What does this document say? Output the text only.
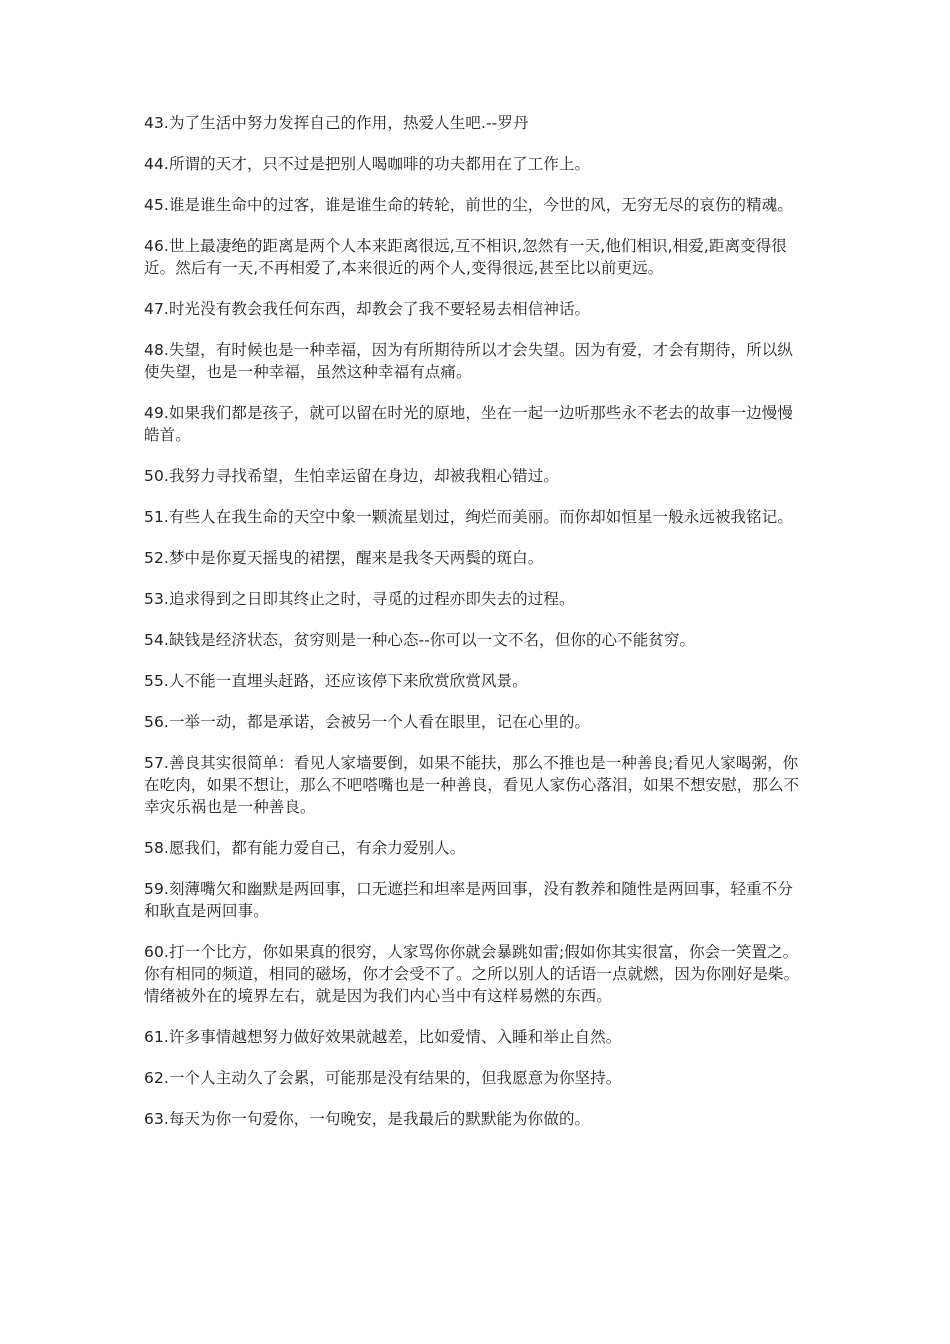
43.为了生活中努力发挥自己的作用，热爱人生吧.--罗丹

44.所谓的天才，只不过是把别人喝咖啡的功夫都用在了工作上。

45.谁是谁生命中的过客，谁是谁生命的转轮，前世的尘，今世的风，无穷无尽的哀伤的精魂。

46.世上最凄绝的距离是两个人本来距离很远,互不相识,忽然有一天,他们相识,相爱,距离变得很近。然后有一天,不再相爱了,本来很近的两个人,变得很远,甚至比以前更远。

47.时光没有教会我任何东西，却教会了我不要轻易去相信神话。

48.失望，有时候也是一种幸福，因为有所期待所以才会失望。因为有爱，才会有期待，所以纵使失望，也是一种幸福，虽然这种幸福有点痛。

49.如果我们都是孩子，就可以留在时光的原地，坐在一起一边听那些永不老去的故事一边慢慢皓首。

50.我努力寻找希望，生怕幸运留在身边，却被我粗心错过。

51.有些人在我生命的天空中象一颗流星划过，绚烂而美丽。而你却如恒星一般永远被我铭记。

52.梦中是你夏天摇曳的裙摆，醒来是我冬天两鬓的斑白。

53.追求得到之日即其终止之时，寻觅的过程亦即失去的过程。

54.缺钱是经济状态，贫穷则是一种心态--你可以一文不名，但你的心不能贫穷。

55.人不能一直埋头赶路，还应该停下来欣赏欣赏风景。

56.一举一动，都是承诺，会被另一个人看在眼里，记在心里的。

57.善良其实很简单：看见人家墙要倒，如果不能扶，那么不推也是一种善良;看见人家喝粥，你在吃肉，如果不想让，那么不吧嗒嘴也是一种善良，看见人家伤心落泪，如果不想安慰，那么不幸灾乐祸也是一种善良。

58.愿我们，都有能力爱自己，有余力爱别人。

59.刻薄嘴欠和幽默是两回事，口无遮拦和坦率是两回事，没有教养和随性是两回事，轻重不分和耿直是两回事。

60.打一个比方，你如果真的很穷，人家骂你你就会暴跳如雷;假如你其实很富，你会一笑置之。你有相同的频道，相同的磁场，你才会受不了。之所以别人的话语一点就燃，因为你刚好是柴。情绪被外在的境界左右，就是因为我们内心当中有这样易燃的东西。

61.许多事情越想努力做好效果就越差，比如爱情、入睡和举止自然。

62.一个人主动久了会累，可能那是没有结果的，但我愿意为你坚持。

63.每天为你一句爱你，一句晚安，是我最后的默默能为你做的。
